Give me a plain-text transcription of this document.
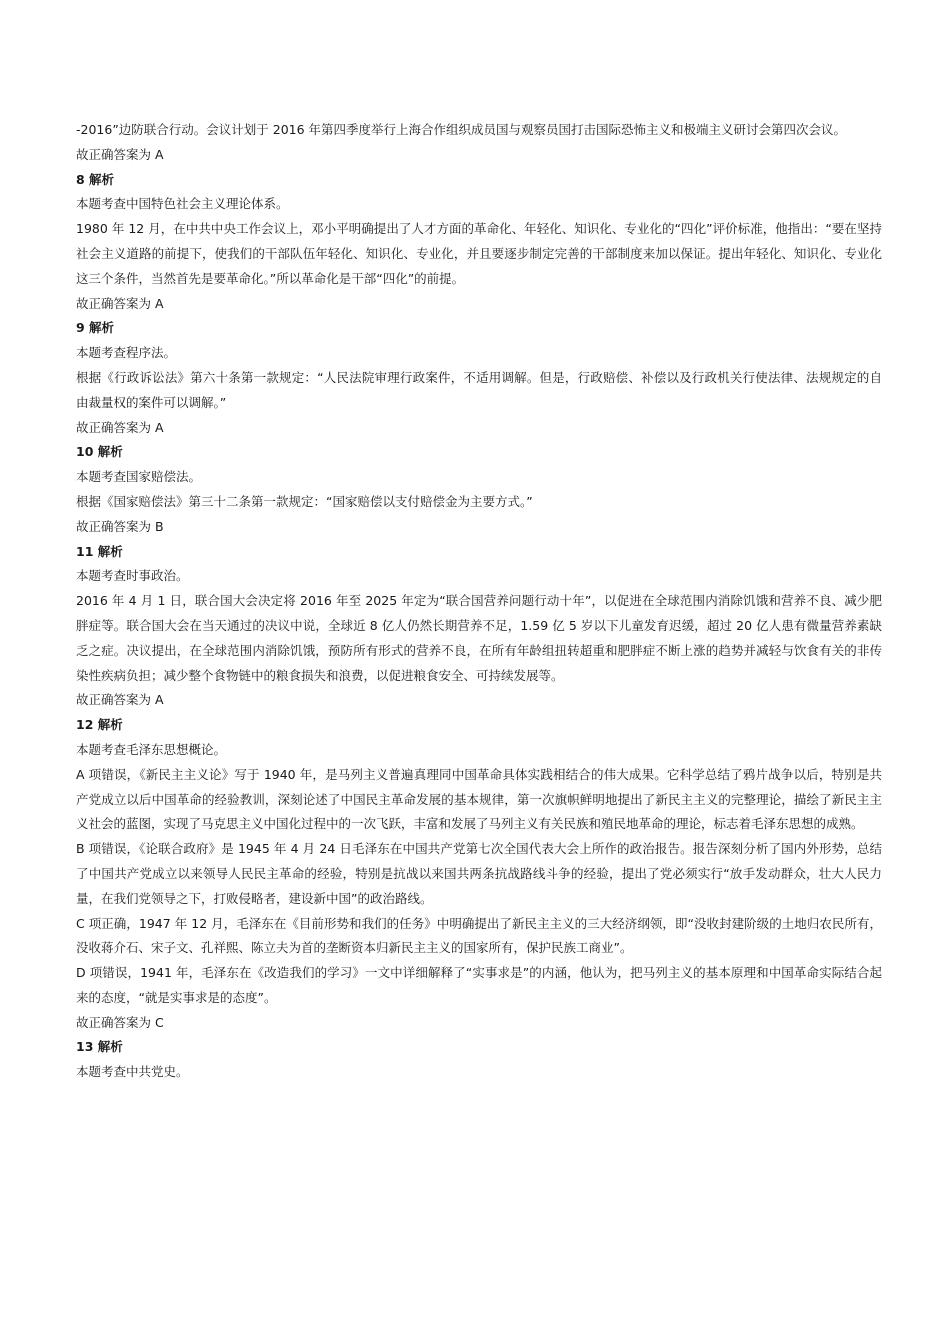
-2016”边防联合行动。会议计划于 2016 年第四季度举行上海合作组织成员国与观察员国打击国际恐怖主义和极端主义研讨会第四次会议。

故正确答案为 A

8 解析

本题考查中国特色社会主义理论体系。

1980 年 12 月，在中共中央工作会议上，邓小平明确提出了人才方面的革命化、年轻化、知识化、专业化的“四化”评价标准，他指出：“要在坚持社会主义道路的前提下，使我们的干部队伍年轻化、知识化、专业化，并且要逐步制定完善的干部制度来加以保证。提出年轻化、知识化、专业化这三个条件，当然首先是要革命化。”所以革命化是干部“四化”的前提。

故正确答案为 A

9 解析

本题考查程序法。

根据《行政诉讼法》第六十条第一款规定：“人民法院审理行政案件，不适用调解。但是，行政赔偿、补偿以及行政机关行使法律、法规规定的自由裁量权的案件可以调解。”

故正确答案为 A

10 解析

本题考查国家赔偿法。

根据《国家赔偿法》第三十二条第一款规定：“国家赔偿以支付赔偿金为主要方式。”

故正确答案为 B

11 解析

本题考查时事政治。

2016 年 4 月 1 日，联合国大会决定将 2016 年至 2025 年定为“联合国营养问题行动十年”，以促进在全球范围内消除饥饿和营养不良、减少肥胖症等。联合国大会在当天通过的决议中说，全球近 8 亿人仍然长期营养不足，1.59 亿 5 岁以下儿童发育迟缓，超过 20 亿人患有微量营养素缺乏之症。决议提出，在全球范围内消除饥饿，预防所有形式的营养不良，在所有年龄组扭转超重和肥胖症不断上涨的趋势并减轻与饮食有关的非传染性疾病负担；减少整个食物链中的粮食损失和浪费，以促进粮食安全、可持续发展等。

故正确答案为 A

12 解析

本题考查毛泽东思想概论。

A 项错误，《新民主主义论》写于 1940 年，是马列主义普遍真理同中国革命具体实践相结合的伟大成果。它科学总结了鸦片战争以后，特别是共产党成立以后中国革命的经验教训，深刻论述了中国民主革命发展的基本规律，第一次旗帜鲜明地提出了新民主主义的完整理论，描绘了新民主主义社会的蓝图，实现了马克思主义中国化过程中的一次飞跃，丰富和发展了马列主义有关民族和殖民地革命的理论，标志着毛泽东思想的成熟。

B 项错误，《论联合政府》是 1945 年 4 月 24 日毛泽东在中国共产党第七次全国代表大会上所作的政治报告。报告深刻分析了国内外形势，总结了中国共产党成立以来领导人民民主革命的经验，特别是抗战以来国共两条抗战路线斗争的经验，提出了党必须实行“放手发动群众，壮大人民力量，在我们党领导之下，打败侵略者，建设新中国”的政治路线。

C 项正确，1947 年 12 月，毛泽东在《目前形势和我们的任务》中明确提出了新民主主义的三大经济纲领，即“没收封建阶级的土地归农民所有，没收蒋介石、宋子文、孔祥熙、陈立夫为首的垄断资本归新民主主义的国家所有，保护民族工商业”。

D 项错误，1941 年，毛泽东在《改造我们的学习》一文中详细解释了“实事求是”的内涵，他认为，把马列主义的基本原理和中国革命实际结合起来的态度，“就是实事求是的态度”。

故正确答案为 C

13 解析

本题考查中共党史。
